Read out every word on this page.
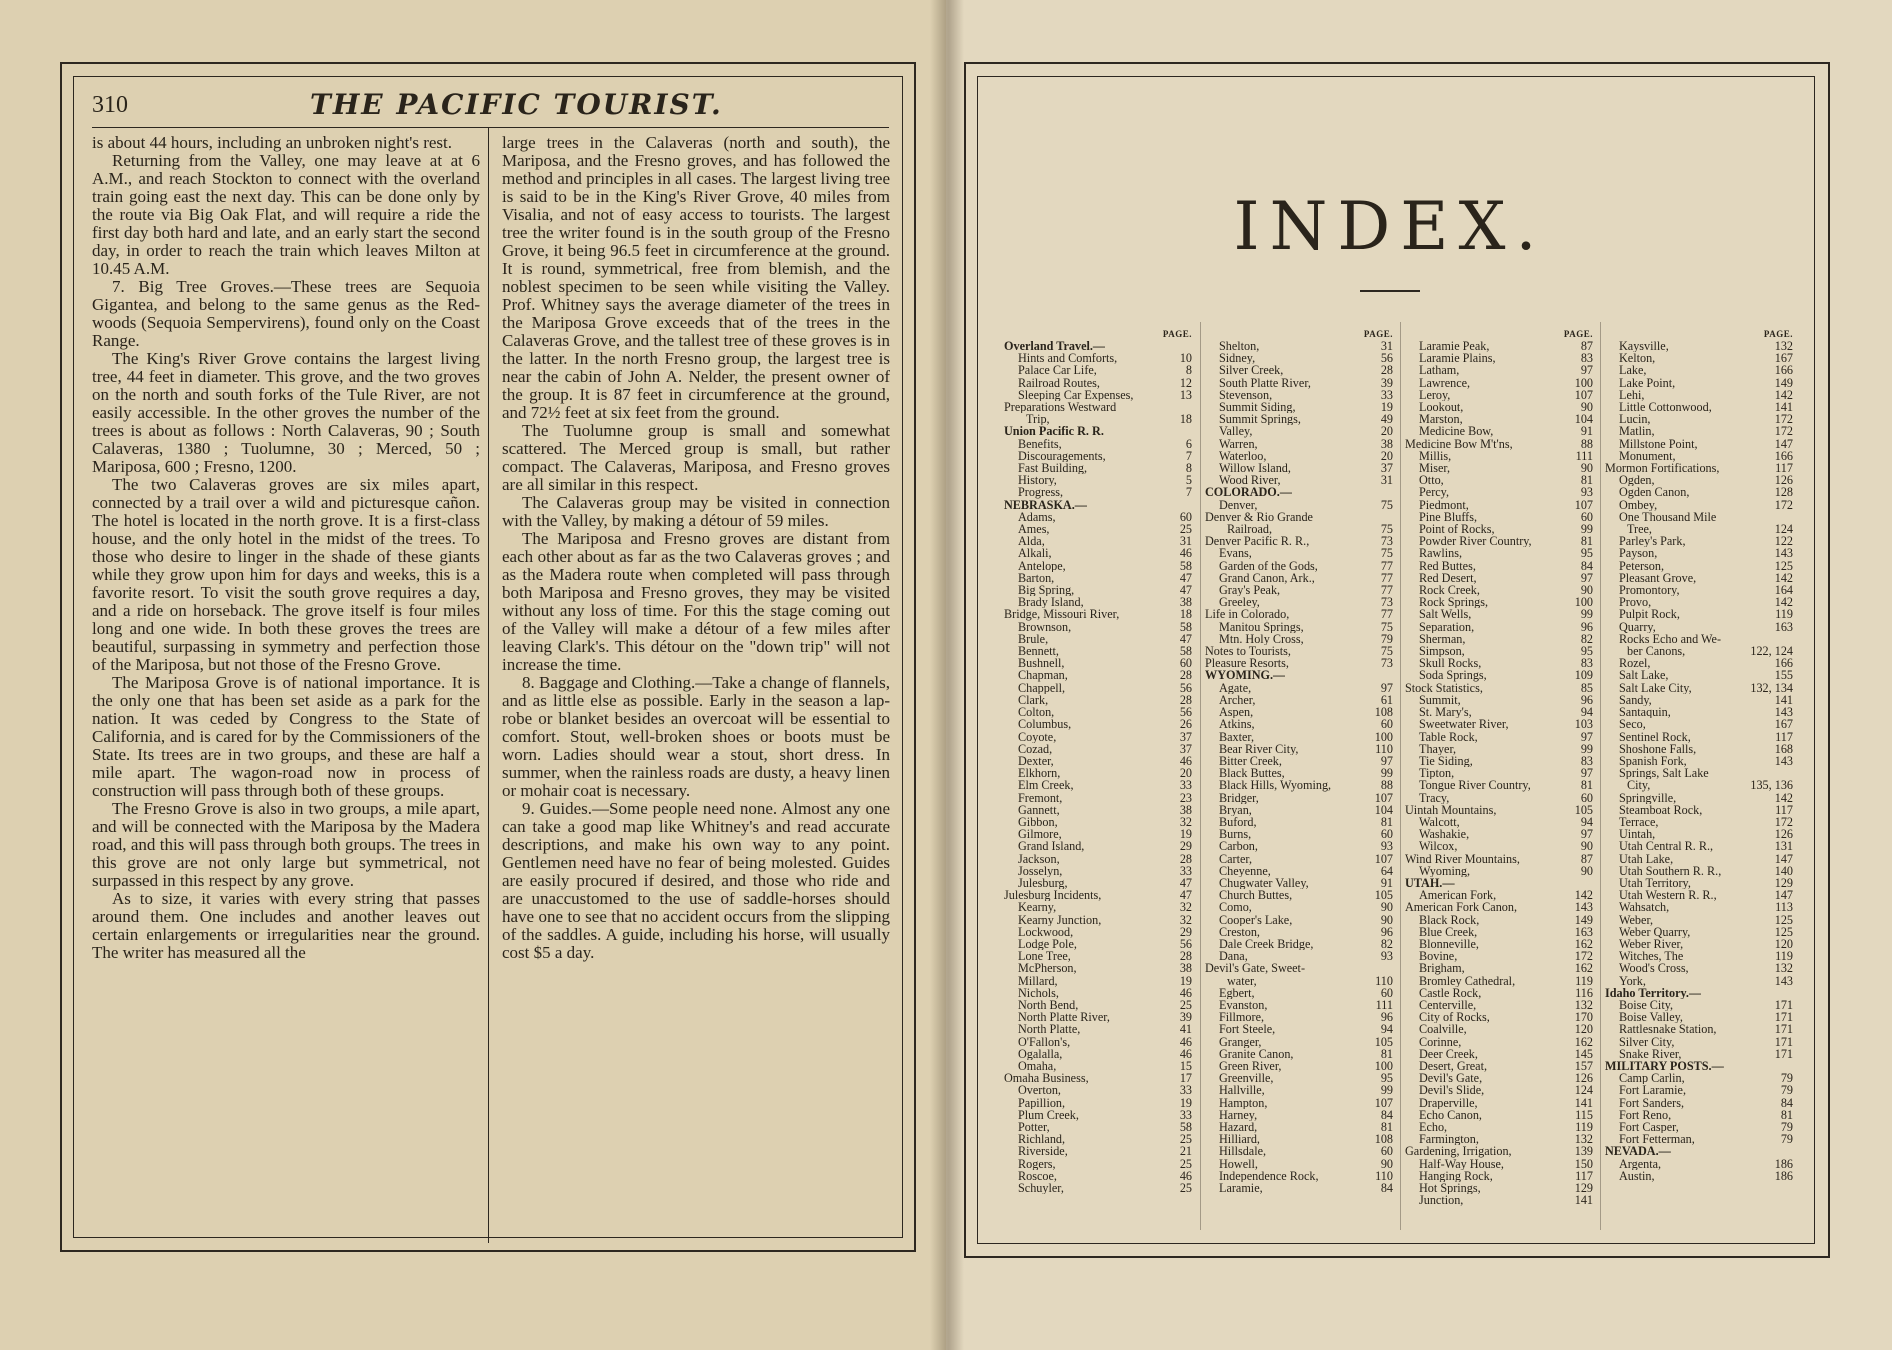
310	THE PACIFIC TOURIST.

is about 44 hours, including an unbroken night's rest.

Returning from the Valley, one may leave at at 6 A.M., and reach Stockton to connect with the overland train going east the next day. This can be done only by the route via Big Oak Flat, and will require a ride the first day both hard and late, and an early start the second day, in order to reach the train which leaves Milton at 10.45 A.M.

7. Big Tree Groves.—These trees are Sequoia Gigantea, and belong to the same genus as the Red-woods (Sequoia Sempervirens), found only on the Coast Range.

The King's River Grove contains the largest living tree, 44 feet in diameter. This grove, and the two groves on the north and south forks of the Tule River, are not easily accessible. In the other groves the number of the trees is about as follows : North Calaveras, 90 ; South Calaveras, 1380 ; Tuolumne, 30 ; Merced, 50 ; Mariposa, 600 ; Fresno, 1200.

The two Calaveras groves are six miles apart, connected by a trail over a wild and picturesque cañon. The hotel is located in the north grove. It is a first-class house, and the only hotel in the midst of the trees. To those who desire to linger in the shade of these giants while they grow upon him for days and weeks, this is a favorite resort. To visit the south grove requires a day, and a ride on horseback. The grove itself is four miles long and one wide. In both these groves the trees are beautiful, surpassing in symmetry and perfection those of the Mariposa, but not those of the Fresno Grove.

The Mariposa Grove is of national importance. It is the only one that has been set aside as a park for the nation. It was ceded by Congress to the State of California, and is cared for by the Commissioners of the State. Its trees are in two groups, and these are half a mile apart. The wagon-road now in process of construction will pass through both of these groups.

The Fresno Grove is also in two groups, a mile apart, and will be connected with the Mariposa by the Madera road, and this will pass through both groups. The trees in this grove are not only large but symmetrical, not surpassed in this respect by any grove.

As to size, it varies with every string that passes around them. One includes and another leaves out certain enlargements or irregularities near the ground. The writer has measured all the

large trees in the Calaveras (north and south), the Mariposa, and the Fresno groves, and has followed the method and principles in all cases. The largest living tree is said to be in the King's River Grove, 40 miles from Visalia, and not of easy access to tourists. The largest tree the writer found is in the south group of the Fresno Grove, it being 96.5 feet in circumference at the ground. It is round, symmetrical, free from blemish, and the noblest specimen to be seen while visiting the Valley. Prof. Whitney says the average diameter of the trees in the Mariposa Grove exceeds that of the trees in the Calaveras Grove, and the tallest tree of these groves is in the latter. In the north Fresno group, the largest tree is near the cabin of John A. Nelder, the present owner of the group. It is 87 feet in circumference at the ground, and 72½ feet at six feet from the ground.

The Tuolumne group is small and somewhat scattered. The Merced group is small, but rather compact. The Calaveras, Mariposa, and Fresno groves are all similar in this respect.

The Calaveras group may be visited in connection with the Valley, by making a détour of 59 miles.

The Mariposa and Fresno groves are distant from each other about as far as the two Calaveras groves ; and as the Madera route when completed will pass through both Mariposa and Fresno groves, they may be visited without any loss of time. For this the stage coming out of the Valley will make a détour of a few miles after leaving Clark's. This détour on the "down trip" will not increase the time.

8. Baggage and Clothing.—Take a change of flannels, and as little else as possible. Early in the season a lap-robe or blanket besides an overcoat will be essential to comfort. Stout, well-broken shoes or boots must be worn. Ladies should wear a stout, short dress. In summer, when the rainless roads are dusty, a heavy linen or mohair coat is necessary.

9. Guides.—Some people need none. Almost any one can take a good map like Whitney's and read accurate descriptions, and make his own way to any point. Gentlemen need have no fear of being molested. Guides are easily procured if desired, and those who ride and are unaccustomed to the use of saddle-horses should have one to see that no accident occurs from the slipping of the saddles. A guide, including his horse, will usually cost $5 a day.

INDEX.
PAGE.
Overland Travel.—
Hints and Comforts,	10
Palace Car Life,	8
Railroad Routes,	12
Sleeping Car Expenses,	13
Preparations Westward
Trip,	18
Union Pacific R. R.
Benefits,	6
Discouragements,	7
Fast Building,	8
History,	5
Progress,	7
NEBRASKA.—
Adams,	60
Ames,	25
Alda,	31
Alkali,	46
Antelope,	58
Barton,	47
Big Spring,	47
Brady Island,	38
Bridge, Missouri River,	18
Brownson,	58
Brule,	47
Bennett,	58
Bushnell,	60
Chapman,	28
Chappell,	56
Clark,	28
Colton,	56
Columbus,	26
Coyote,	37
Cozad,	37
Dexter,	46
Elkhorn,	20
Elm Creek,	33
Fremont,	23
Gannett,	38
Gibbon,	32
Gilmore,	19
Grand Island,	29
Jackson,	28
Josselyn,	33
Julesburg,	47
Julesburg Incidents,	47
Kearny,	32
Kearny Junction,	32
Lockwood,	29
Lodge Pole,	56
Lone Tree,	28
McPherson,	38
Millard,	19
Nichols,	46
North Bend,	25
North Platte River,	39
North Platte,	41
O'Fallon's,	46
Ogalalla,	46
Omaha,	15
Omaha Business,	17
Overton,	33
Papillion,	19
Plum Creek,	33
Potter,	58
Richland,	25
Riverside,	21
Rogers,	25
Roscoe,	46
Schuyler,	25
PAGE.
Shelton,	31
Sidney,	56
Silver Creek,	28
South Platte River,	39
Stevenson,	33
Summit Siding,	19
Summit Springs,	49
Valley,	20
Warren,	38
Waterloo,	20
Willow Island,	37
Wood River,	31
COLORADO.—
Denver,	75
Denver & Rio Grande
Railroad,	75
Denver Pacific R. R.,	73
Evans,	75
Garden of the Gods,	77
Grand Canon, Ark.,	77
Gray's Peak,	77
Greeley,	73
Life in Colorado,	77
Manitou Springs,	75
Mtn. Holy Cross,	79
Notes to Tourists,	75
Pleasure Resorts,	73
WYOMING.—
Agate,	97
Archer,	61
Aspen,	108
Atkins,	60
Baxter,	100
Bear River City,	110
Bitter Creek,	97
Black Buttes,	99
Black Hills, Wyoming,	88
Bridger,	107
Bryan,	104
Buford,	81
Burns,	60
Carbon,	93
Carter,	107
Cheyenne,	64
Chugwater Valley,	91
Church Buttes,	105
Como,	90
Cooper's Lake,	90
Creston,	96
Dale Creek Bridge,	82
Dana,	93
Devil's Gate, Sweet-
water,	110
Egbert,	60
Evanston,	111
Fillmore,	96
Fort Steele,	94
Granger,	105
Granite Canon,	81
Green River,	100
Greenville,	95
Hallville,	99
Hampton,	107
Harney,	84
Hazard,	81
Hilliard,	108
Hillsdale,	60
Howell,	90
Independence Rock,	110
Laramie,	84
PAGE.
Laramie Peak,	87
Laramie Plains,	83
Latham,	97
Lawrence,	100
Leroy,	107
Lookout,	90
Marston,	104
Medicine Bow,	91
Medicine Bow M't'ns,	88
Millis,	111
Miser,	90
Otto,	81
Percy,	93
Piedmont,	107
Pine Bluffs,	60
Point of Rocks,	99
Powder River Country,	81
Rawlins,	95
Red Buttes,	84
Red Desert,	97
Rock Creek,	90
Rock Springs,	100
Salt Wells,	99
Separation,	96
Sherman,	82
Simpson,	95
Skull Rocks,	83
Soda Springs,	109
Stock Statistics,	85
Summit,	96
St. Mary's,	94
Sweetwater River,	103
Table Rock,	97
Thayer,	99
Tie Siding,	83
Tipton,	97
Tongue River Country,	81
Tracy,	60
Uintah Mountains,	105
Walcott,	94
Washakie,	97
Wilcox,	90
Wind River Mountains,	87
Wyoming,	90
UTAH.—
American Fork,	142
American Fork Canon,	143
Black Rock,	149
Blue Creek,	163
Blonneville,	162
Bovine,	172
Brigham,	162
Bromley Cathedral,	119
Castle Rock,	116
Centerville,	132
City of Rocks,	170
Coalville,	120
Corinne,	162
Deer Creek,	145
Desert, Great,	157
Devil's Gate,	126
Devil's Slide,	124
Draperville,	141
Echo Canon,	115
Echo,	119
Farmington,	132
Gardening, Irrigation,	139
Half-Way House,	150
Hanging Rock,	117
Hot Springs,	129
Junction,	141
PAGE.
Kaysville,	132
Kelton,	167
Lake,	166
Lake Point,	149
Lehi,	142
Little Cottonwood,	141
Lucin,	172
Matlin,	172
Millstone Point,	147
Monument,	166
Mormon Fortifications,	117
Ogden,	126
Ogden Canon,	128
Ombey,	172
One Thousand Mile
Tree,	124
Parley's Park,	122
Payson,	143
Peterson,	125
Pleasant Grove,	142
Promontory,	164
Provo,	142
Pulpit Rock,	119
Quarry,	163
Rocks Echo and We-
ber Canons,	122, 124
Rozel,	166
Salt Lake,	155
Salt Lake City,	132, 134
Sandy,	141
Santaquin,	143
Seco,	167
Sentinel Rock,	117
Shoshone Falls,	168
Spanish Fork,	143
Springs, Salt Lake
City,	135, 136
Springville,	142
Steamboat Rock,	117
Terrace,	172
Uintah,	126
Utah Central R. R.,	131
Utah Lake,	147
Utah Southern R. R.,	140
Utah Territory,	129
Utah Western R. R.,	147
Wahsatch,	113
Weber,	125
Weber Quarry,	125
Weber River,	120
Witches, The	119
Wood's Cross,	132
York,	143
Idaho Territory.—
Boise City,	171
Boise Valley,	171
Rattlesnake Station,	171
Silver City,	171
Snake River,	171
MILITARY POSTS.—
Camp Carlin,	79
Fort Laramie,	79
Fort Sanders,	84
Fort Reno,	81
Fort Casper,	79
Fort Fetterman,	79
NEVADA.—
Argenta,	186
Austin,	186
